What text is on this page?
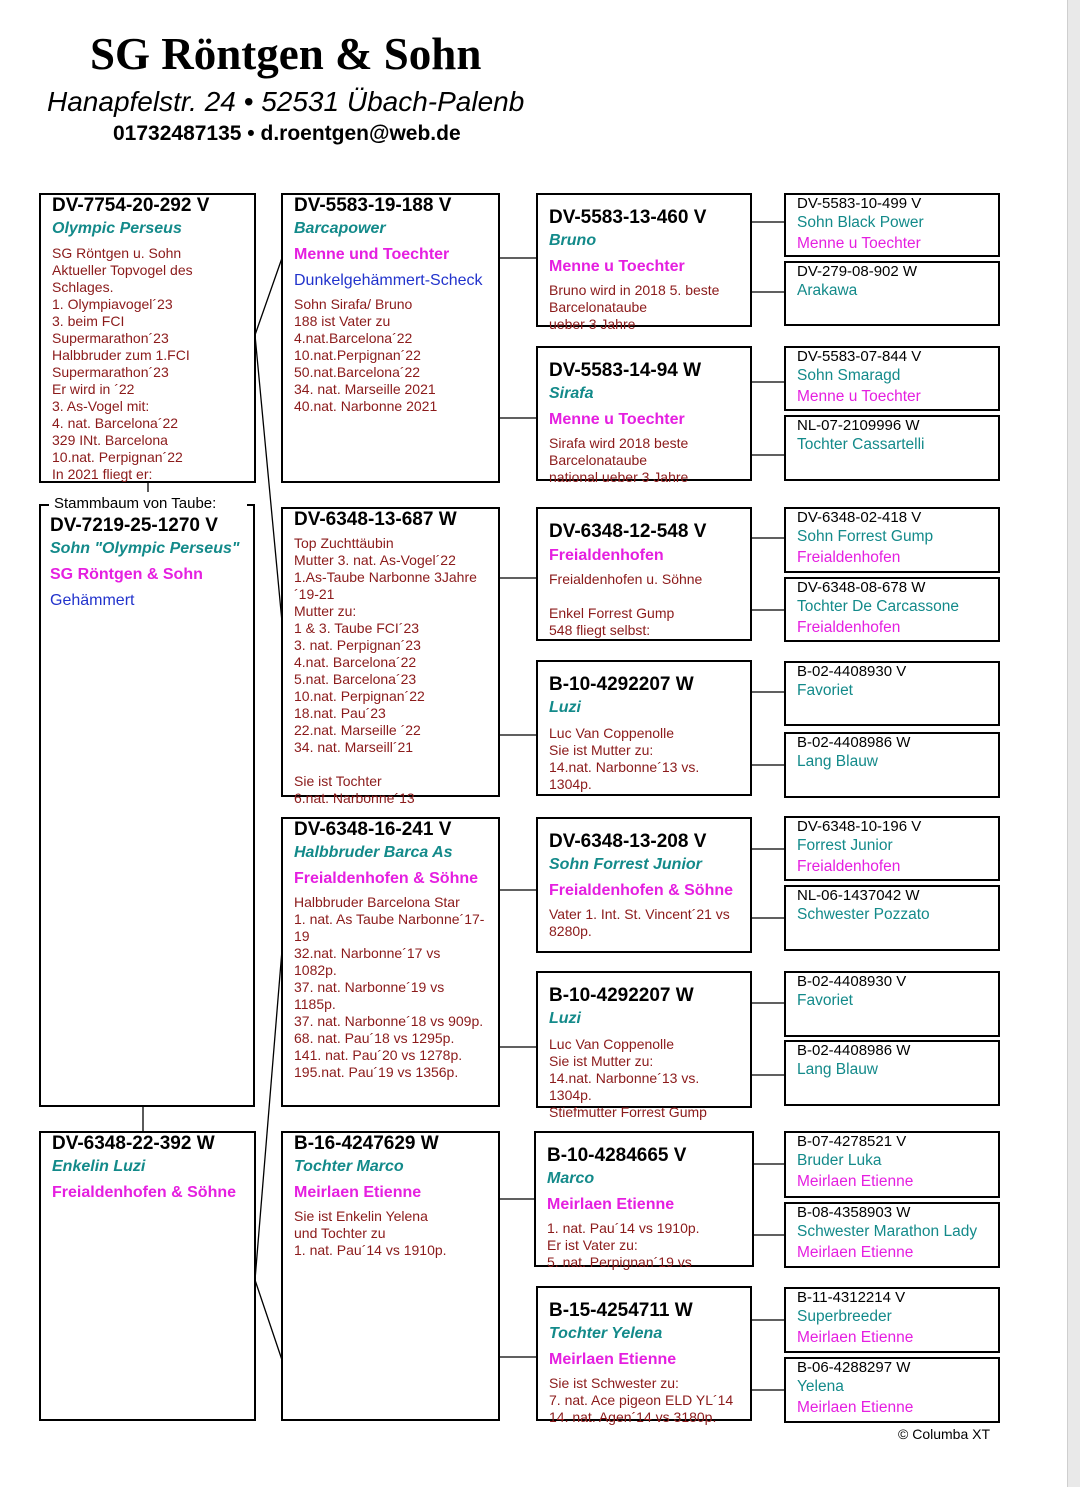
SG Röntgen & Sohn
Hanapfelstr. 24 • 52531 Übach-Palenb
01732487135 • d.roentgen@web.de
DV-7754-20-292 V
Olympic Perseus
SG Röntgen u. Sohn
Aktueller Topvogel des
Schlages.
1. Olympiavogel´23
3. beim FCI
Supermarathon´23
Halbbruder zum 1.FCI
Supermarathon´23
Er wird in ´22
3. As-Vogel mit:
4. nat. Barcelona´22
329 INt. Barcelona
10.nat. Perpignan´22
In 2021 fliegt er:
DV-7219-25-1270 V
Sohn "Olympic Perseus"
SG Röntgen & Sohn
Gehämmert
Stammbaum von Taube:
DV-6348-22-392 W
Enkelin Luzi
Freialdenhofen & Söhne
DV-5583-19-188 V
Barcapower
Menne und Toechter
Dunkelgehämmert-Scheck
Sohn Sirafa/ Bruno
188 ist Vater zu
4.nat.Barcelona´22
10.nat.Perpignan´22
50.nat.Barcelona´22
34. nat. Marseille 2021
40.nat. Narbonne 2021
DV-6348-13-687 W
Top Zuchttäubin
Mutter 3. nat. As-Vogel´22
1.As-Taube Narbonne 3Jahre
´19-21
Mutter zu:
1 & 3. Taube FCI´23
3. nat. Perpignan´23
4.nat. Barcelona´22
5.nat. Barcelona´23
10.nat. Perpignan´22
18.nat. Pau´23
22.nat. Marseille ´22
34. nat. Marseill´21
Sie ist Tochter
6.nat. Narbonne´13
DV-6348-16-241 V
Halbbruder Barca As
Freialdenhofen & Söhne
Halbbruder Barcelona Star
1. nat. As Taube Narbonne´17-
19
32.nat. Narbonne´17 vs
1082p.
37. nat. Narbonne´19 vs
1185p.
37. nat. Narbonne´18 vs 909p.
68. nat. Pau´18 vs 1295p.
141. nat. Pau´20 vs 1278p.
195.nat. Pau´19 vs 1356p.
B-16-4247629 W
Tochter Marco
Meirlaen Etienne
Sie ist Enkelin Yelena
und Tochter zu
1. nat. Pau´14 vs 1910p.
DV-5583-13-460 V
Bruno
Menne u Toechter
Bruno wird in 2018 5. beste
Barcelonataube
ueber 3 Jahre
DV-5583-14-94 W
Sirafa
Menne u Toechter
Sirafa wird 2018 beste
Barcelonataube
national ueber 3 Jahre
DV-6348-12-548 V
Freialdenhofen
Freialdenhofen u. Söhne

Enkel Forrest Gump
548 fliegt selbst:
B-10-4292207 W
Luzi
Luc Van Coppenolle
Sie ist Mutter zu:
14.nat. Narbonne´13 vs.
1304p.
DV-6348-13-208 V
Sohn Forrest Junior
Freialdenhofen & Söhne
Vater 1. Int. St. Vincent´21 vs
8280p.
B-10-4292207 W
Luzi
Luc Van Coppenolle
Sie ist Mutter zu:
14.nat. Narbonne´13 vs.
1304p.
Stiefmutter Forrest Gump
B-10-4284665 V
Marco
Meirlaen Etienne
1. nat. Pau´14 vs 1910p.
Er ist Vater zu:
5. nat. Perpignan´19 vs
B-15-4254711 W
Tochter Yelena
Meirlaen Etienne
Sie ist Schwester zu:
7. nat. Ace pigeon ELD YL´14
14. nat. Agen´14 vs 3180p.
DV-5583-10-499 V
Sohn Black Power
Menne u Toechter
DV-279-08-902 W
Arakawa
DV-5583-07-844 V
Sohn Smaragd
Menne u Toechter
NL-07-2109996 W
Tochter Cassartelli
DV-6348-02-418 V
Sohn Forrest Gump
Freialdenhofen
DV-6348-08-678 W
Tochter De Carcassone
Freialdenhofen
B-02-4408930 V
Favoriet
B-02-4408986 W
Lang Blauw
DV-6348-10-196 V
Forrest Junior
Freialdenhofen
NL-06-1437042 W
Schwester Pozzato
B-02-4408930 V
Favoriet
B-02-4408986 W
Lang Blauw
B-07-4278521 V
Bruder Luka
Meirlaen Etienne
B-08-4358903 W
Schwester Marathon Lady
Meirlaen Etienne
B-11-4312214 V
Superbreeder
Meirlaen Etienne
B-06-4288297 W
Yelena
Meirlaen Etienne
© Columba XT
